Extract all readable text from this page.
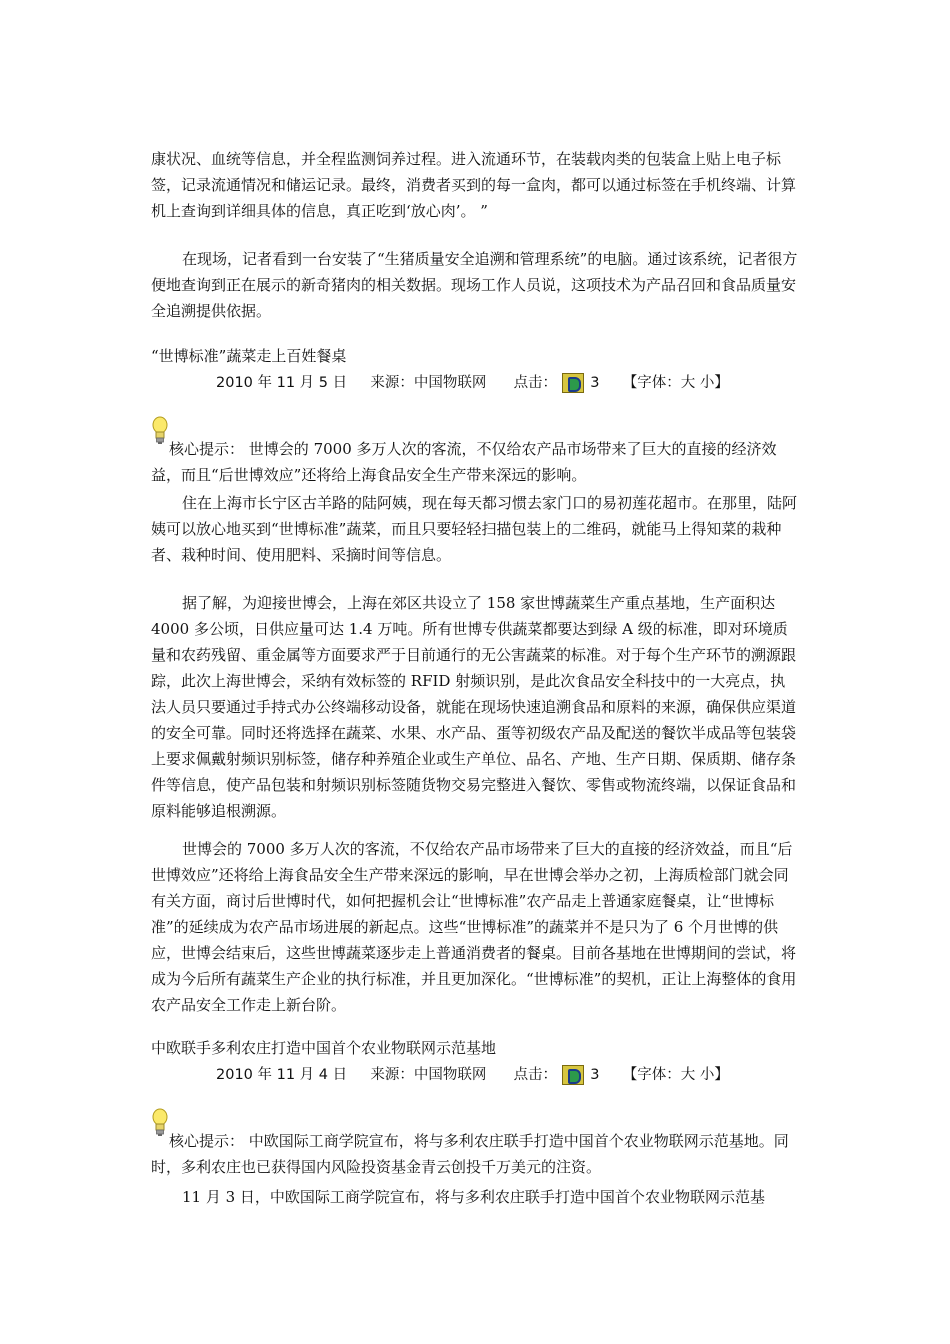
康状况、血统等信息，并全程监测饲养过程。进入流通环节，在装载肉类的包装盒上贴上电子标签，记录流通情况和储运记录。最终，消费者买到的每一盒肉，都可以通过标签在手机终端、计算机上查询到详细具体的信息，真正吃到‘放心肉’。 ”

在现场，记者看到一台安装了“生猪质量安全追溯和管理系统”的电脑。通过该系统，记者很方便地查询到正在展示的新奇猪肉的相关数据。现场工作人员说，这项技术为产品召回和食品质量安全追溯提供依据。

“世博标准”蔬菜走上百姓餐桌

2010 年 11 月 5 日 来源：中国物联网 点击： 3 【字体：大 小】

核心提示： 世博会的 7000 多万人次的客流，不仅给农产品市场带来了巨大的直接的经济效益，而且“后世博效应”还将给上海食品安全生产带来深远的影响。

住在上海市长宁区古羊路的陆阿姨，现在每天都习惯去家门口的易初莲花超市。在那里，陆阿姨可以放心地买到“世博标准”蔬菜，而且只要轻轻扫描包装上的二维码，就能马上得知菜的栽种者、栽种时间、使用肥料、采摘时间等信息。

据了解，为迎接世博会，上海在郊区共设立了 158 家世博蔬菜生产重点基地，生产面积达 4000 多公顷，日供应量可达 1.4 万吨。所有世博专供蔬菜都要达到绿 A 级的标准，即对环境质量和农药残留、重金属等方面要求严于目前通行的无公害蔬菜的标准。对于每个生产环节的溯源跟踪，此次上海世博会，采纳有效标签的 RFID 射频识别，是此次食品安全科技中的一大亮点，执法人员只要通过手持式办公终端移动设备，就能在现场快速追溯食品和原料的来源，确保供应渠道的安全可靠。同时还将选择在蔬菜、水果、水产品、蛋等初级农产品及配送的餐饮半成品等包装袋上要求佩戴射频识别标签，储存种养殖企业或生产单位、品名、产地、生产日期、保质期、储存条件等信息，使产品包装和射频识别标签随货物交易完整进入餐饮、零售或物流终端，以保证食品和原料能够追根溯源。

世博会的 7000 多万人次的客流，不仅给农产品市场带来了巨大的直接的经济效益，而且“后世博效应”还将给上海食品安全生产带来深远的影响，早在世博会举办之初，上海质检部门就会同有关方面，商讨后世博时代，如何把握机会让“世博标准”农产品走上普通家庭餐桌，让“世博标准”的延续成为农产品市场进展的新起点。这些“世博标准”的蔬菜并不是只为了 6 个月世博的供应，世博会结束后，这些世博蔬菜逐步走上普通消费者的餐桌。目前各基地在世博期间的尝试，将成为今后所有蔬菜生产企业的执行标准，并且更加深化。“世博标准”的契机，正让上海整体的食用农产品安全工作走上新台阶。

中欧联手多利农庄打造中国首个农业物联网示范基地

2010 年 11 月 4 日 来源：中国物联网 点击： 3 【字体：大 小】

核心提示： 中欧国际工商学院宣布，将与多利农庄联手打造中国首个农业物联网示范基地。同时，多利农庄也已获得国内风险投资基金青云创投千万美元的注资。

11 月 3 日，中欧国际工商学院宣布，将与多利农庄联手打造中国首个农业物联网示范基
